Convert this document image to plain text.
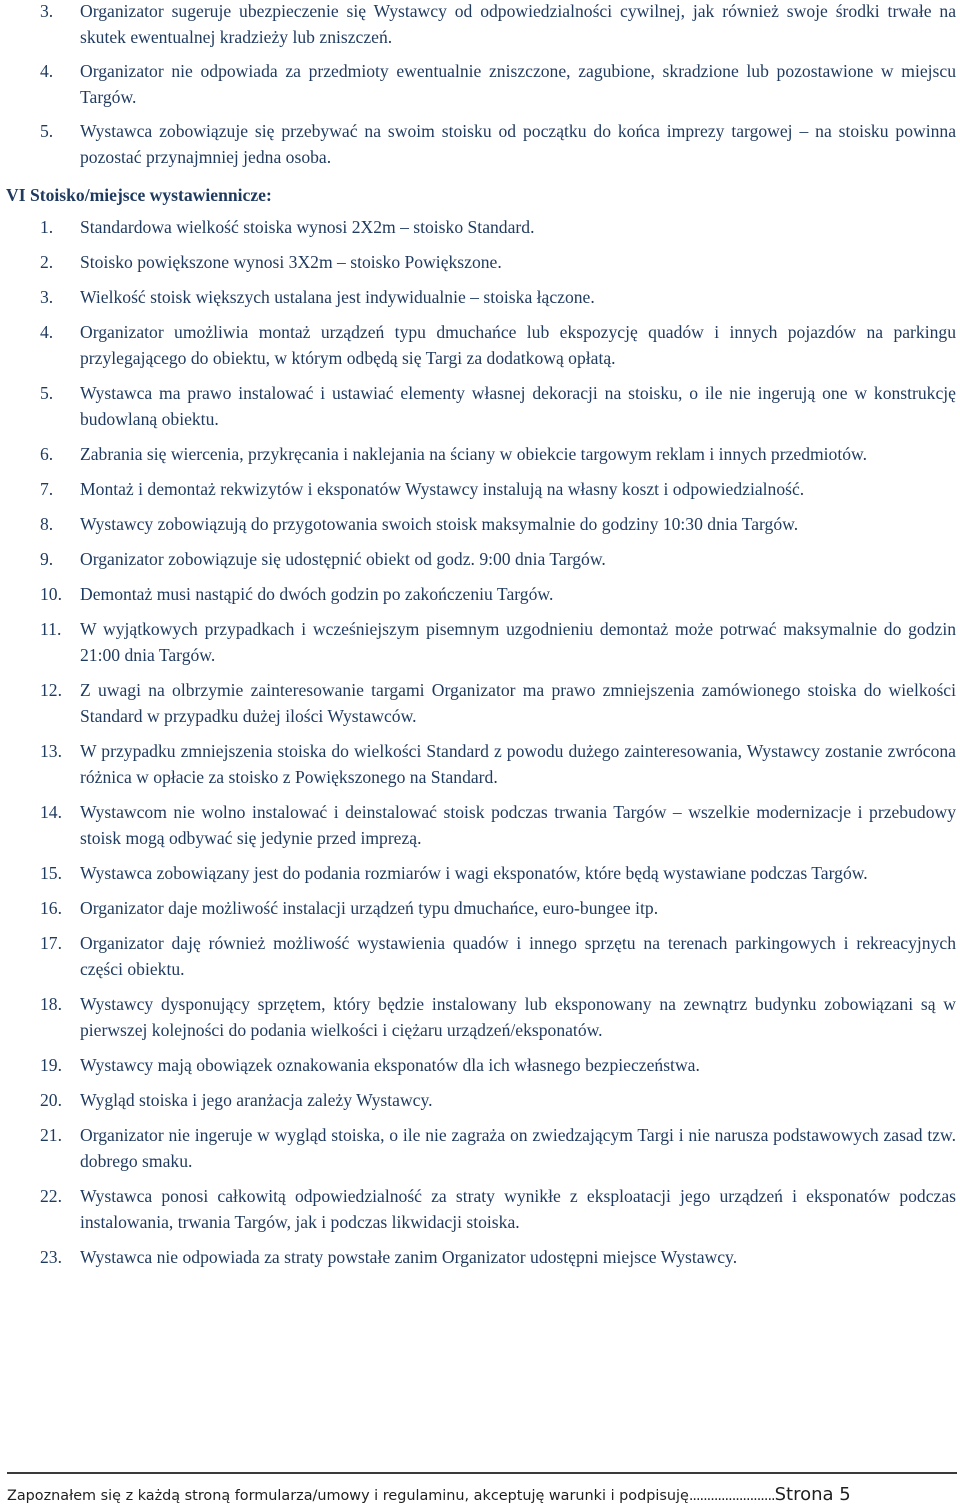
3. Organizator sugeruje ubezpieczenie się Wystawcy od odpowiedzialności cywilnej, jak również swoje środki trwałe na skutek ewentualnej kradzieży lub zniszczeń.
4. Organizator nie odpowiada za przedmioty ewentualnie zniszczone, zagubione, skradzione lub pozostawione w miejscu Targów.
5. Wystawca zobowiązuje się przebywać na swoim stoisku od początku do końca imprezy targowej – na stoisku powinna pozostać przynajmniej jedna osoba.
VI Stoisko/miejsce wystawiennicze:
1. Standardowa wielkość stoiska wynosi 2X2m – stoisko Standard.
2. Stoisko powiększone wynosi 3X2m – stoisko Powiększone.
3. Wielkość stoisk większych ustalana jest indywidualnie – stoiska łączone.
4. Organizator umożliwia montaż urządzeń typu dmuchańce lub ekspozycję quadów i innych pojazdów na parkingu przylegającego do obiektu, w którym odbędą się Targi za dodatkową opłatą.
5. Wystawca ma prawo instalować i ustawiać elementy własnej dekoracji na stoisku, o ile nie ingerują one w konstrukcję budowlaną obiektu.
6. Zabrania się wiercenia, przykręcania i naklejania na ściany w obiekcie targowym reklam i innych przedmiotów.
7. Montaż i demontaż rekwizytów i eksponatów Wystawcy instalują na własny koszt i odpowiedzialność.
8. Wystawcy zobowiązują do przygotowania swoich stoisk maksymalnie do godziny 10:30 dnia Targów.
9. Organizator zobowiązuje się udostępnić obiekt od godz. 9:00 dnia Targów.
10. Demontaż musi nastąpić do dwóch godzin po zakończeniu Targów.
11. W wyjątkowych przypadkach i wcześniejszym pisemnym uzgodnieniu demontaż może potrwać maksymalnie do godzin 21:00 dnia Targów.
12. Z uwagi na olbrzymie zainteresowanie targami Organizator ma prawo zmniejszenia zamówionego stoiska do wielkości Standard w przypadku dużej ilości Wystawców.
13. W przypadku zmniejszenia stoiska do wielkości Standard z powodu dużego zainteresowania, Wystawcy zostanie zwrócona różnica w opłacie za stoisko z Powiększonego na Standard.
14. Wystawcom nie wolno instalować i deinstalować stoisk podczas trwania Targów – wszelkie modernizacje i przebudowy stoisk mogą odbywać się jedynie przed imprezą.
15. Wystawca zobowiązany jest do podania rozmiarów i wagi eksponatów, które będą wystawiane podczas Targów.
16. Organizator daje możliwość instalacji urządzeń typu dmuchańce, euro-bungee itp.
17. Organizator daję również możliwość wystawienia quadów i innego sprzętu na terenach parkingowych i rekreacyjnych części obiektu.
18. Wystawcy dysponujący sprzętem, który będzie instalowany lub eksponowany na zewnątrz budynku zobowiązani są w pierwszej kolejności do podania wielkości i ciężaru urządzeń/eksponatów.
19. Wystawcy mają obowiązek oznakowania eksponatów dla ich własnego bezpieczeństwa.
20. Wygląd stoiska i jego aranżacja zależy Wystawcy.
21. Organizator nie ingeruje w wygląd stoiska, o ile nie zagraża on zwiedzającym Targi i nie narusza podstawowych zasad tzw. dobrego smaku.
22. Wystawca ponosi całkowitą odpowiedzialność za straty wynikłe z eksploatacji jego urządzeń i eksponatów podczas instalowania, trwania Targów, jak i podczas likwidacji stoiska.
23. Wystawca nie odpowiada za straty powstałe zanim Organizator udostępni miejsce Wystawcy.
Zapoznałem się z każdą stroną formularza/umowy i regulaminu, akceptuję warunki i podpisuję........................Strona 5
